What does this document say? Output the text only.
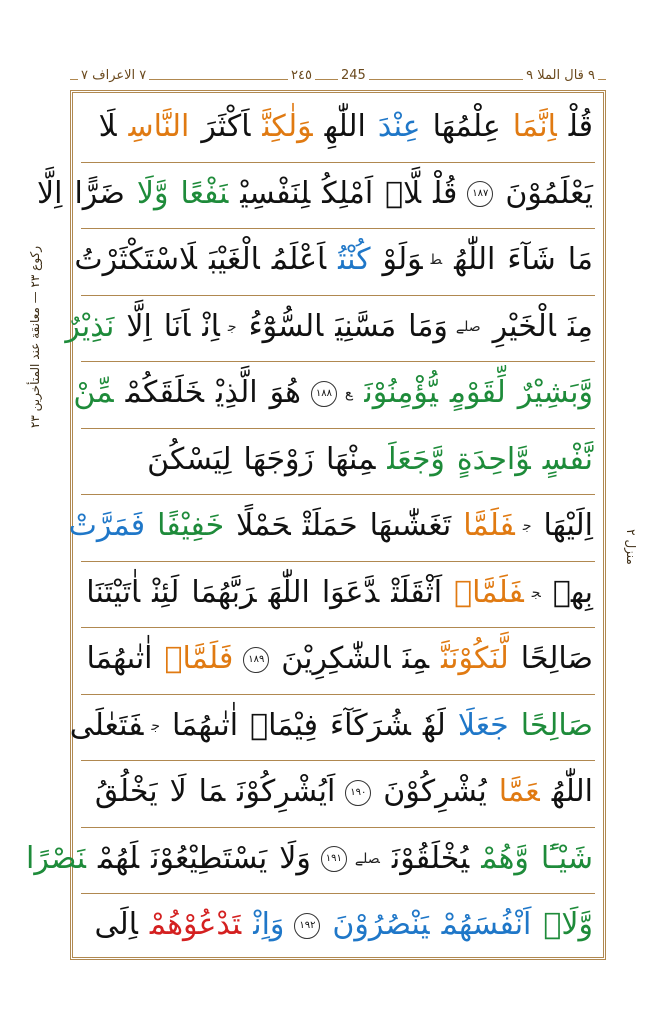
٧ الاعراف ٧	٢٤٥ 245	٩ قال الملا ٩
ركوع ٢٣ — معانقة عند المتأخرين ٢٣
منزل ٢
قُلْاِنَّمَاعِلْمُهَاعِنْدَاللّٰهِوَلٰكِنَّاَكْثَرَالنَّاسِلَا
يَعْلَمُوْنَ١٨٧قُلْلَّاۤاَمْلِكُلِنَفْسِيْنَفْعًاوَّلَاضَرًّااِلَّا
مَاشَآءَاللّٰهُ$^ط$وَلَوْكُنْتُاَعْلَمُالْغَيْبَلَاسْتَكْثَرْتُ
مِنَالْخَيْرِ$^{صلے}$وَمَامَسَّنِيَالسُّوْٓءُ$^ج$اِنْاَنَااِلَّانَذِيْرٌ
وَّبَشِيْرٌلِّقَوْمٍيُّؤْمِنُوْنَ$^ع$١٨٨هُوَالَّذِيْخَلَقَكُمْمِّنْ
نَّفْسٍوَّاحِدَةٍوَّجَعَلَمِنْهَازَوْجَهَالِيَسْكُنَ
اِلَيْهَا$^ج$فَلَمَّاتَغَشّٰىهَاحَمَلَتْحَمْلًاخَفِيْفًافَمَرَّتْ
بِهٖ$^ج$فَلَمَّاۤاَثْقَلَتْدَّعَوَااللّٰهَرَبَّهُمَالَئِنْاٰتَيْتَنَا
صَالِحًالَّنَكُوْنَنَّمِنَالشّٰكِرِيْنَ١٨٩فَلَمَّاۤاٰتٰىهُمَا
صَالِحًاجَعَلَالَهٗشُرَكَآءَفِيْمَاۤاٰتٰىهُمَا$^ج$فَتَعٰلَى
اللّٰهُعَمَّايُشْرِكُوْنَ١٩٠اَيُشْرِكُوْنَمَالَايَخْلُقُ
شَيْـًٔاوَّهُمْيُخْلَقُوْنَ$^{صلے}$١٩١وَلَايَسْتَطِيْعُوْنَلَهُمْنَصْرًا
وَّلَاۤاَنْفُسَهُمْيَنْصُرُوْنَ١٩٢وَاِنْتَدْعُوْهُمْاِلَى
